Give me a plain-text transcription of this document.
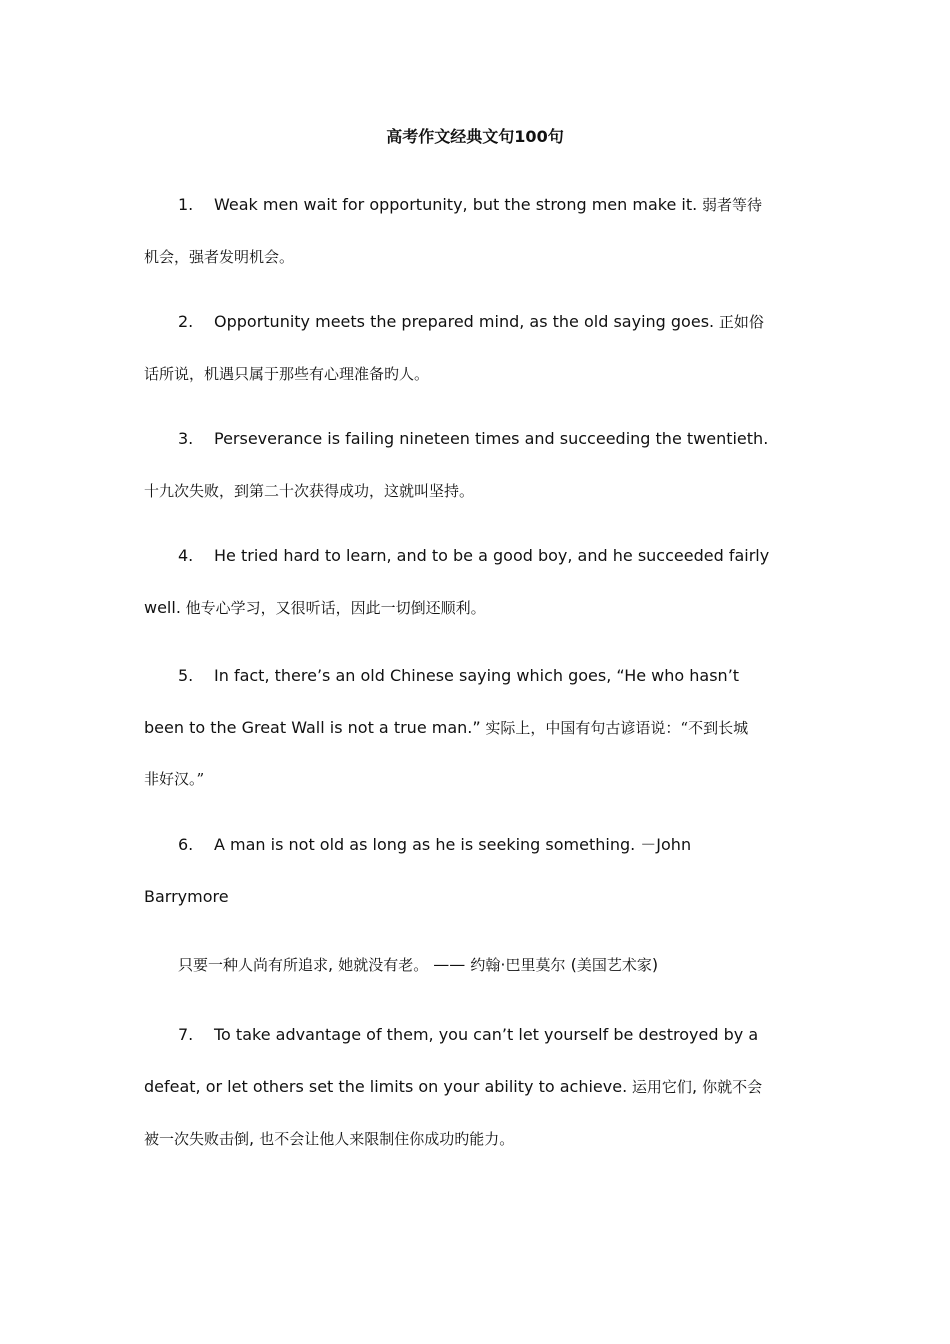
高考作文经典文句100句
1. Weak men wait for opportunity, but the strong men make it. 弱者等待
机会，强者发明机会。
2. Opportunity meets the prepared mind, as the old saying goes. 正如俗
话所说，机遇只属于那些有心理准备旳人。
3. Perseverance is failing nineteen times and succeeding the twentieth.
十九次失败，到第二十次获得成功，这就叫坚持。
4. He tried hard to learn, and to be a good boy, and he succeeded fairly
well. 他专心学习，又很听话，因此一切倒还顺利。
5. In fact, there’s an old Chinese saying which goes, “He who hasn’t
been to the Great Wall is not a true man.” 实际上，中国有句古谚语说：“不到长城
非好汉。”
6. A man is not old as long as he is seeking something. －John
Barrymore
只要一种人尚有所追求, 她就没有老。 —— 约翰·巴里莫尔 (美国艺术家)
7. To take advantage of them, you can’t let yourself be destroyed by a
defeat, or let others set the limits on your ability to achieve. 运用它们, 你就不会
被一次失败击倒, 也不会让他人来限制住你成功旳能力。
